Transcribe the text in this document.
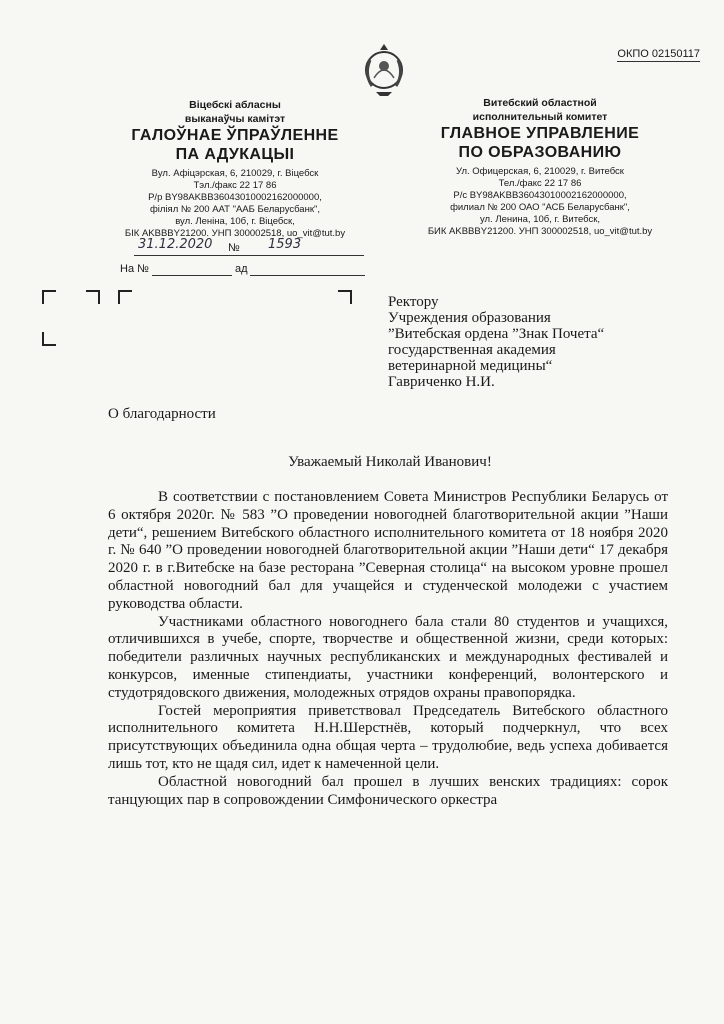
ОКПО 02150117
Віцебскі абласны
выканаўчы камітэт
ГАЛОЎНАЕ ЎПРАЎЛЕННЕ
ПА АДУКАЦЫІ
Вул. Афіцэрская, 6, 210029, г. Віцебск
Тэл./факс 22 17 86
Р/р BY98AKBB36043010002162000000,
філіял № 200 ААТ "ААБ Беларусбанк",
вул. Леніна, 10б, г. Віцебск,
БІК AKBBBY21200. УНП 300002518, uo_vit@tut.by
Витебский областной
исполнительный комитет
ГЛАВНОЕ УПРАВЛЕНИЕ
ПО ОБРАЗОВАНИЮ
Ул. Офицерская, 6, 210029, г. Витебск
Тел./факс 22 17 86
Р/с BY98AKBB36043010002162000000,
филиал № 200 ОАО "АСБ Беларусбанк",
ул. Ленина, 10б, г. Витебск,
БИК AKBBBY21200. УНП 300002518, uo_vit@tut.by
31.12.2020 № 1593
На №	ад
Ректору
Учреждения образования
”Витебская ордена ”Знак Почета“
государственная академия
ветеринарной медицины“
Гавриченко Н.И.
О благодарности
Уважаемый Николай Иванович!

В соответствии с постановлением Совета Министров Республики Беларусь от 6 октября 2020г. № 583 ”О проведении новогодней благотворительной акции ”Наши дети“, решением Витебского областного исполнительного комитета от 18 ноября 2020 г. № 640 ”О проведении новогодней благотворительной акции ”Наши дети“ 17 декабря 2020 г. в г.Витебске на базе ресторана ”Северная столица“ на высоком уровне прошел областной новогодний бал для учащейся и студенческой молодежи с участием руководства области.

Участниками областного новогоднего бала стали 80 студентов и учащихся, отличившихся в учебе, спорте, творчестве и общественной жизни, среди которых: победители различных научных республиканских и международных фестивалей и конкурсов, именные стипендиаты, участники конференций, волонтерского и студотрядовского движения, молодежных отрядов охраны правопорядка.

Гостей мероприятия приветствовал Председатель Витебского областного исполнительного комитета Н.Н.Шерстнёв, который подчеркнул, что всех присутствующих объединила одна общая черта – трудолюбие, ведь успеха добивается лишь тот, кто не щадя сил, идет к намеченной цели.

Областной новогодний бал прошел в лучших венских традициях: сорок танцующих пар в сопровождении Симфонического оркестра
